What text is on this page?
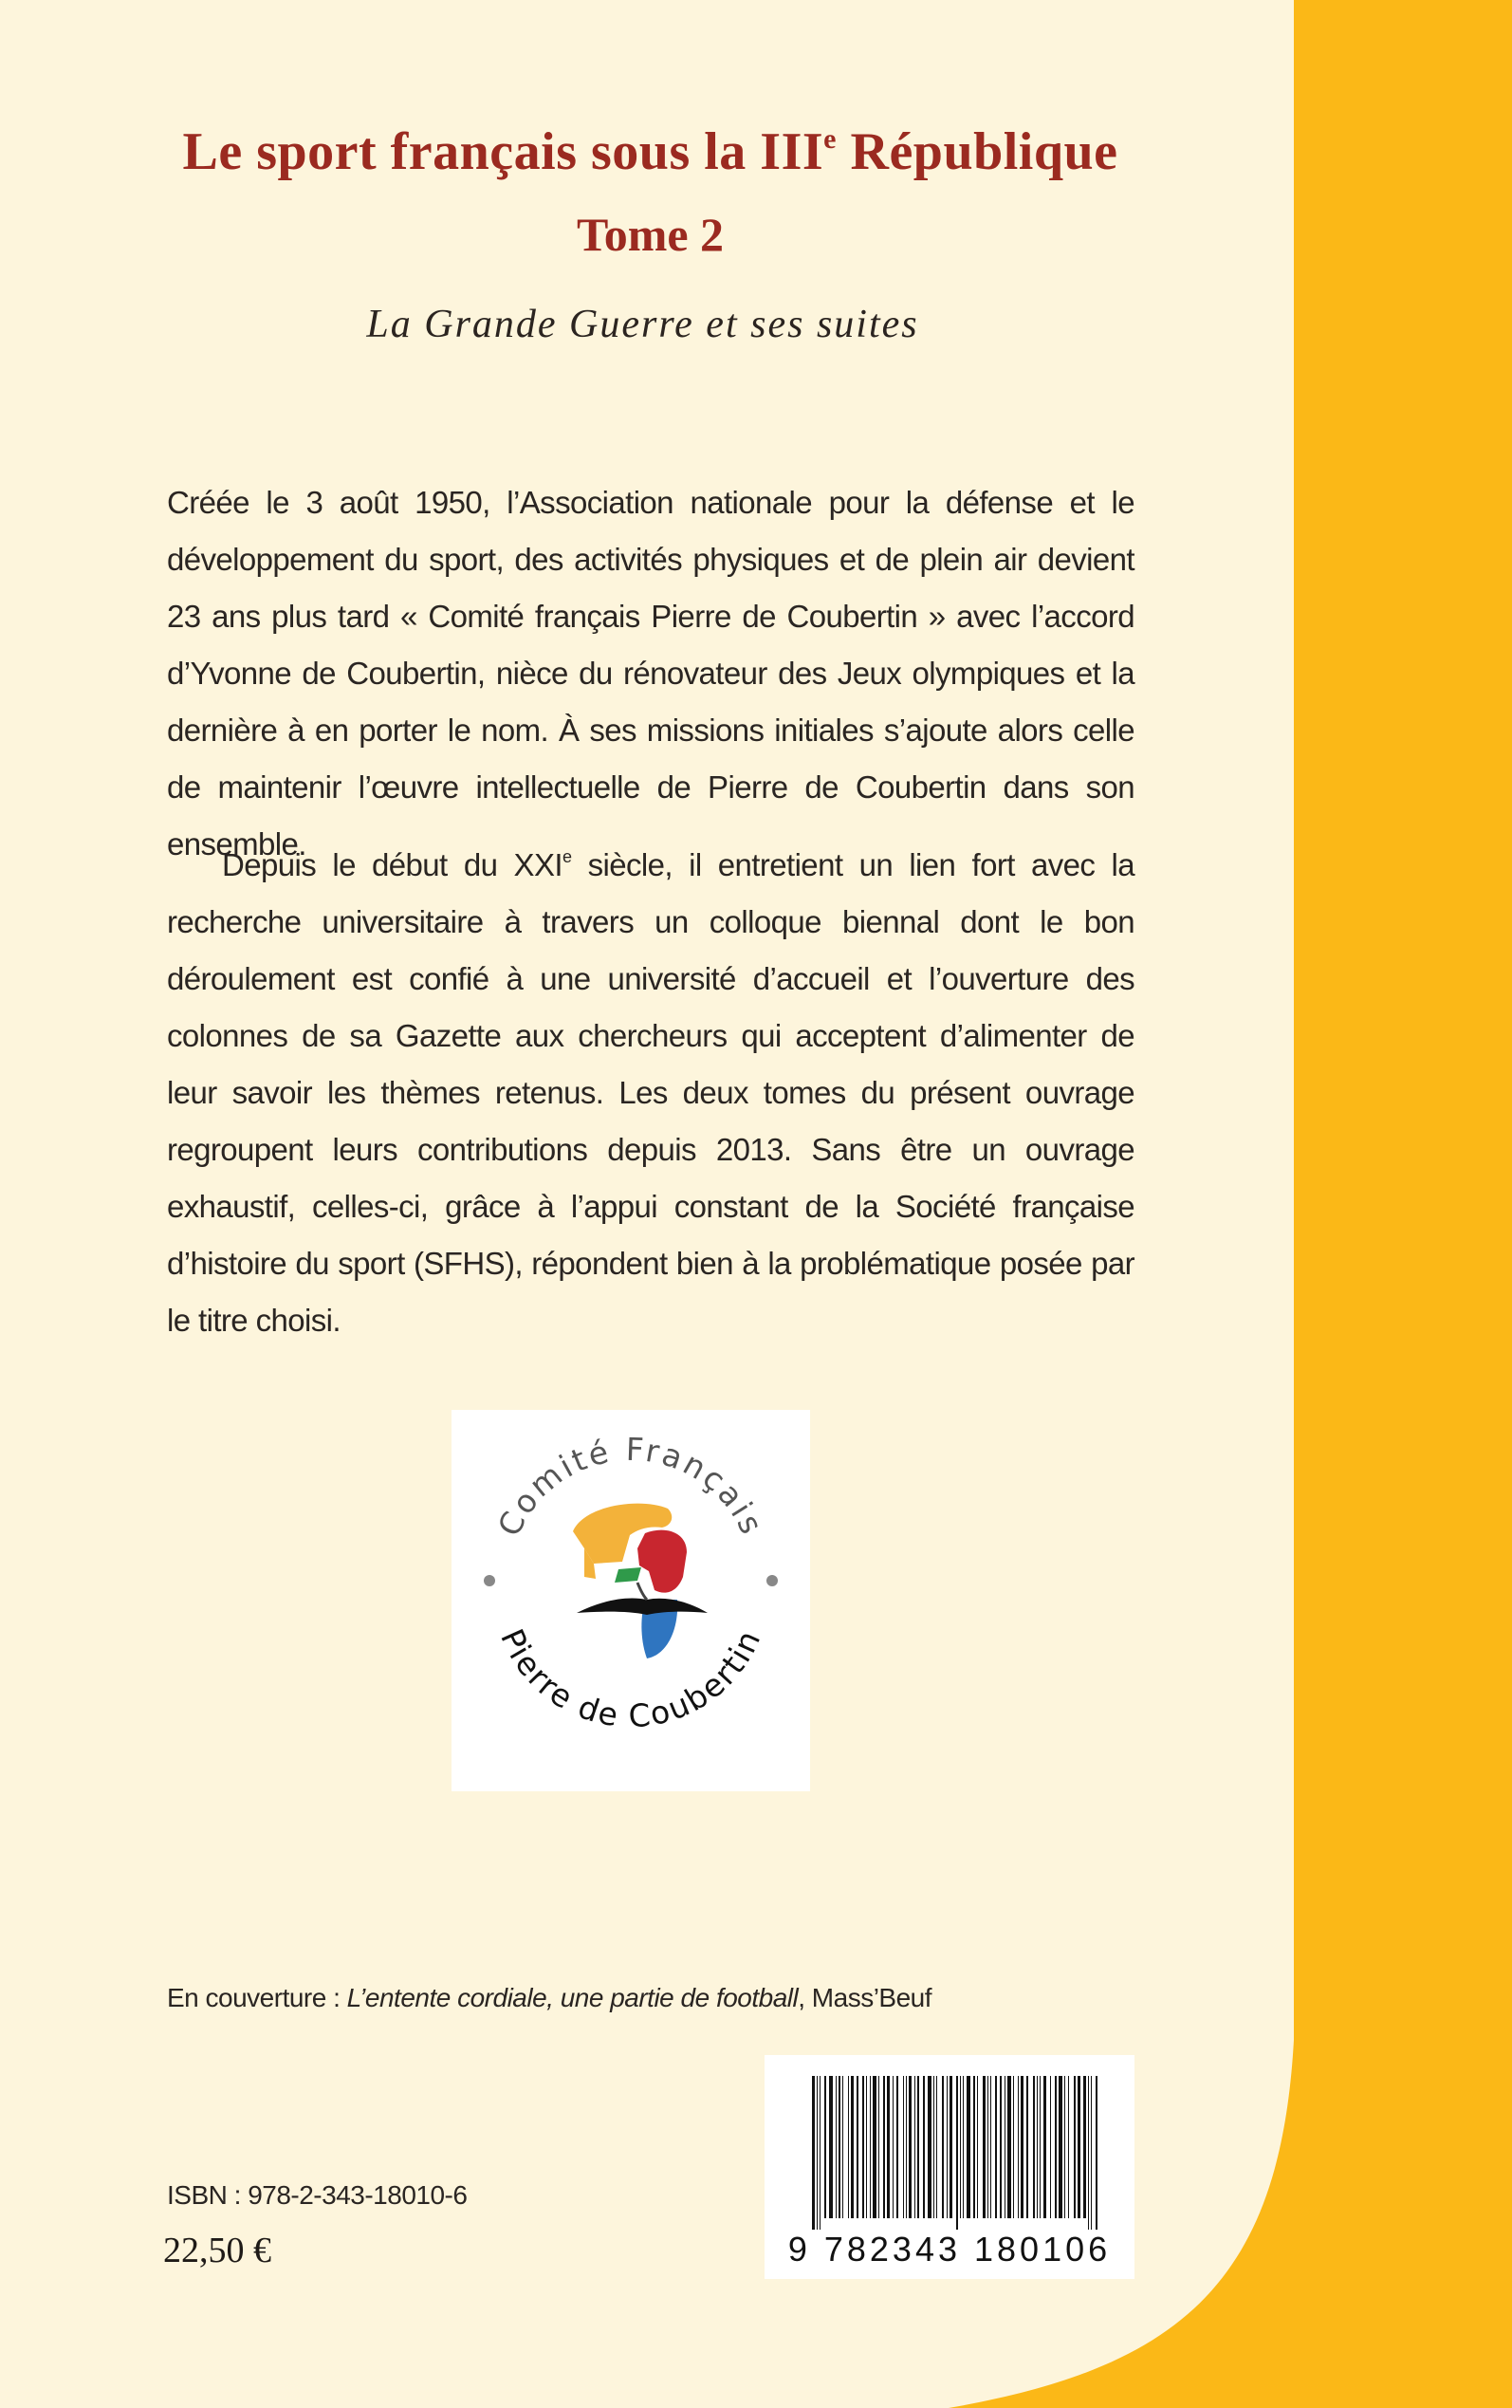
Le sport français sous la IIIe République
Tome 2
La Grande Guerre et ses suites

Créée le 3 août 1950, l’Association nationale pour la défense et le développement du sport, des activités physiques et de plein air devient 23 ans plus tard « Comité français Pierre de Coubertin » avec l’accord d’Yvonne de Coubertin, nièce du rénovateur des Jeux olympiques et la dernière à en porter le nom. À ses missions initiales s’ajoute alors celle de maintenir l’œuvre intellectuelle de Pierre de Coubertin dans son ensemble.

Depuis le début du XXIe siècle, il entretient un lien fort avec la recherche universitaire à travers un colloque biennal dont le bon déroulement est confié à une université d’accueil et l’ouverture des colonnes de sa Gazette aux chercheurs qui acceptent d’alimenter de leur savoir les thèmes retenus. Les deux tomes du présent ouvrage regroupent leurs contributions depuis 2013. Sans être un ouvrage exhaustif, celles-ci, grâce à l’appui constant de la Société française d’histoire du sport (SFHS), répondent bien à la problématique posée par le titre choisi.

Comité Français
Pierre de Coubertin
En couverture : L’entente cordiale, une partie de football, Mass’Beuf
9 782343 180106
ISBN : 978-2-343-18010-6
22,50 €
